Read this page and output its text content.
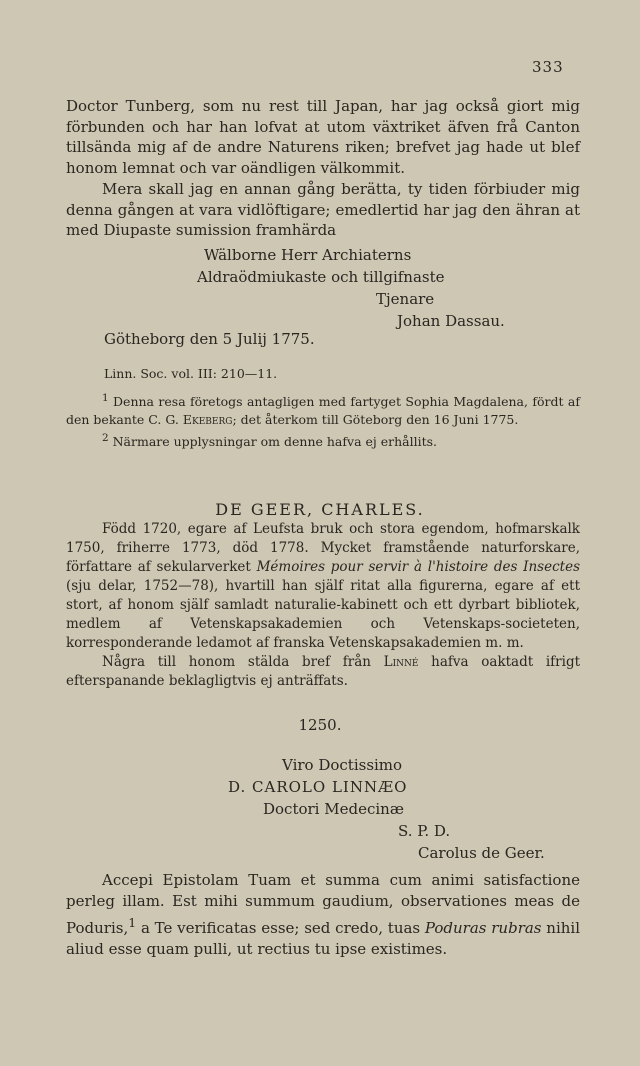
333

Doctor Tunberg, som nu rest till Japan, har jag också giort mig förbunden och har han lofvat at utom växtriket äfven frå Canton tillsända mig af de andre Naturens riken; brefvet jag hade ut blef honom lemnat och var oändligen välkommit.

Mera skall jag en annan gång berätta, ty tiden förbiuder mig denna gången at vara vidlöftigare; emedlertid har jag den ähran at med Diupaste sumission framhärda

Wälborne Herr Archiaterns
Aldraödmiukaste och tillgifnaste
Tjenare
Johan Dassau.
Götheborg den 5 Julij 1775.
Linn. Soc. vol. III: 210—11.
$^1$ Denna resa företogs antagligen med fartyget Sophia Magdalena, fördt af den bekante C. G. Ekeberg; det återkom till Göteborg den 16 Juni 1775.
$^2$ Närmare upplysningar om denne hafva ej erhållits.
DE GEER, CHARLES.
Född 1720, egare af Leufsta bruk och stora egendom, hofmarskalk 1750, friherre 1773, död 1778. Mycket framstående naturforskare, författare af sekularverket Mémoires pour servir à l'histoire des Insectes (sju delar, 1752—78), hvartill han själf ritat alla figurerna, egare af ett stort, af honom själf samladt naturalie-kabinett och ett dyrbart bibliotek, medlem af Vetenskapsakademien och Vetenskaps-societeten, korresponderande ledamot af franska Vetenskapsakademien m. m.
Några till honom stälda bref från Linné hafva oaktadt ifrigt efterspanande beklagligtvis ej anträffats.
1250.
Viro Doctissimo
D. CAROLO LINNÆO
Doctori Medecinæ
S. P. D.
Carolus de Geer.
Accepi Epistolam Tuam et summa cum animi satisfactione perleg illam. Est mihi summum gaudium, observationes meas de Poduris,$^1$ a Te verificatas esse; sed credo, tuas Poduras rubras nihil aliud esse quam pulli, ut rectius tu ipse existimes.
